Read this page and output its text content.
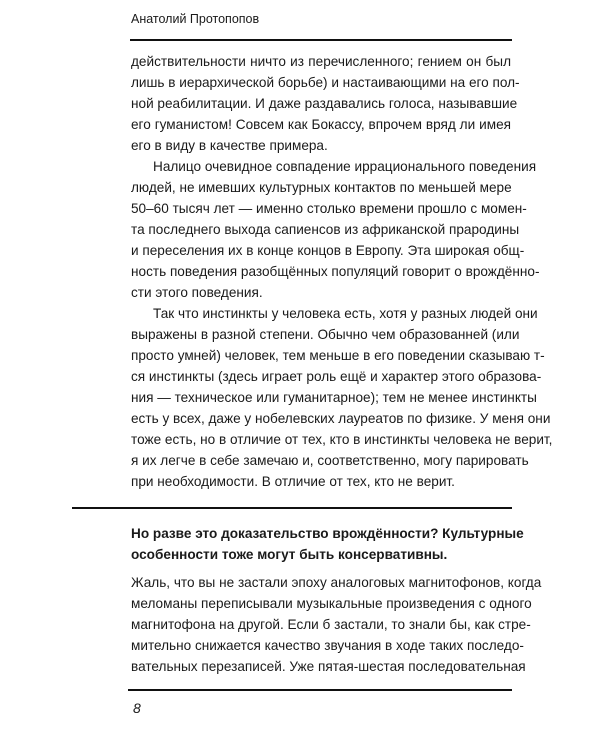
Анатолий Протопопов
действительности ничто из перечисленного; гением он был
лишь в иерархической борьбе) и настаивающими на его пол-
ной реабилитации. И даже раздавались голоса, называвшие
его гуманистом! Совсем как Бокассу, впрочем вряд ли имея
его в виду в качестве примера.
Налицо очевидное совпадение иррационального поведения
людей, не имевших культурных контактов по меньшей мере
50–60 тысяч лет — именно столько времени прошло с момен-
та последнего выхода сапиенсов из африканской прародины
и переселения их в конце концов в Европу. Эта широкая общ-
ность поведения разобщённых популяций говорит о врождённо-
сти этого поведения.
Так что инстинкты у человека есть, хотя у разных людей они
выражены в разной степени. Обычно чем образованней (или
просто умней) человек, тем меньше в его поведении сказываю т-
ся инстинкты (здесь играет роль ещё и характер этого образова-
ния — техническое или гуманитарное); тем не менее инстинкты
есть у всех, даже у нобелевских лауреатов по физике. У меня они
тоже есть, но в отличие от тех, кто в инстинкты человека не верит,
я их легче в себе замечаю и, соответственно, могу парировать
при необходимости. В отличие от тех, кто не верит.
Но разве это доказательство врождённости? Культурные
особенности тоже могут быть консервативны.
Жаль, что вы не застали эпоху аналоговых магнитофонов, когда
меломаны переписывали музыкальные произведения с одного
магнитофона на другой. Если б застали, то знали бы, как стре-
мительно снижается качество звучания в ходе таких последо-
вательных перезаписей. Уже пятая-шестая последовательная
8
